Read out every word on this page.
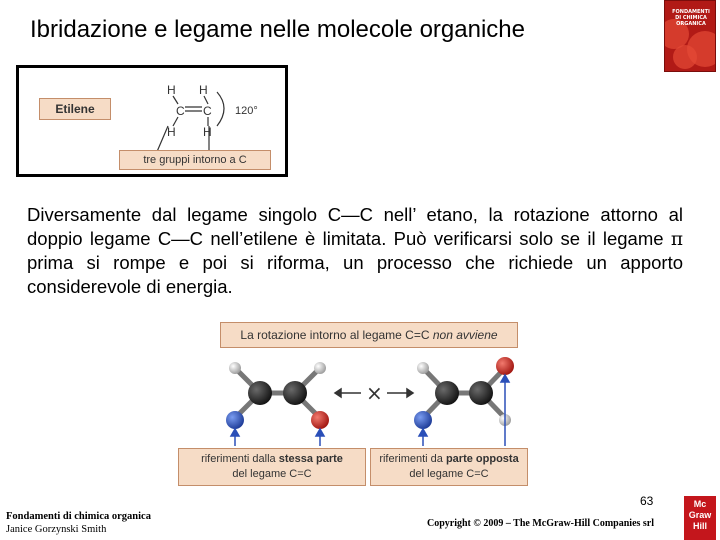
Ibridazione e legame nelle molecole organiche
FONDAMENTI
DI CHIMICA
ORGANICA
Etilene
H H
C C
H H
120°
tre gruppi intorno a C
Diversamente dal legame singolo C—C nell’ etano, la rotazione attorno al doppio legame C—C nell’etilene è limitata. Può verificarsi solo se il legame π prima si rompe e poi si riforma, un processo che richiede un apporto considerevole di energia.
La rotazione intorno al legame C=C non avviene
×
riferimenti dalla stessa parte
del legame C=C
riferimenti da parte opposta
del legame C=C
Fondamenti di chimica organica
Janice Gorzynski Smith
63
Copyright © 2009 – The McGraw-Hill Companies srl
Mc
Graw
Hill
